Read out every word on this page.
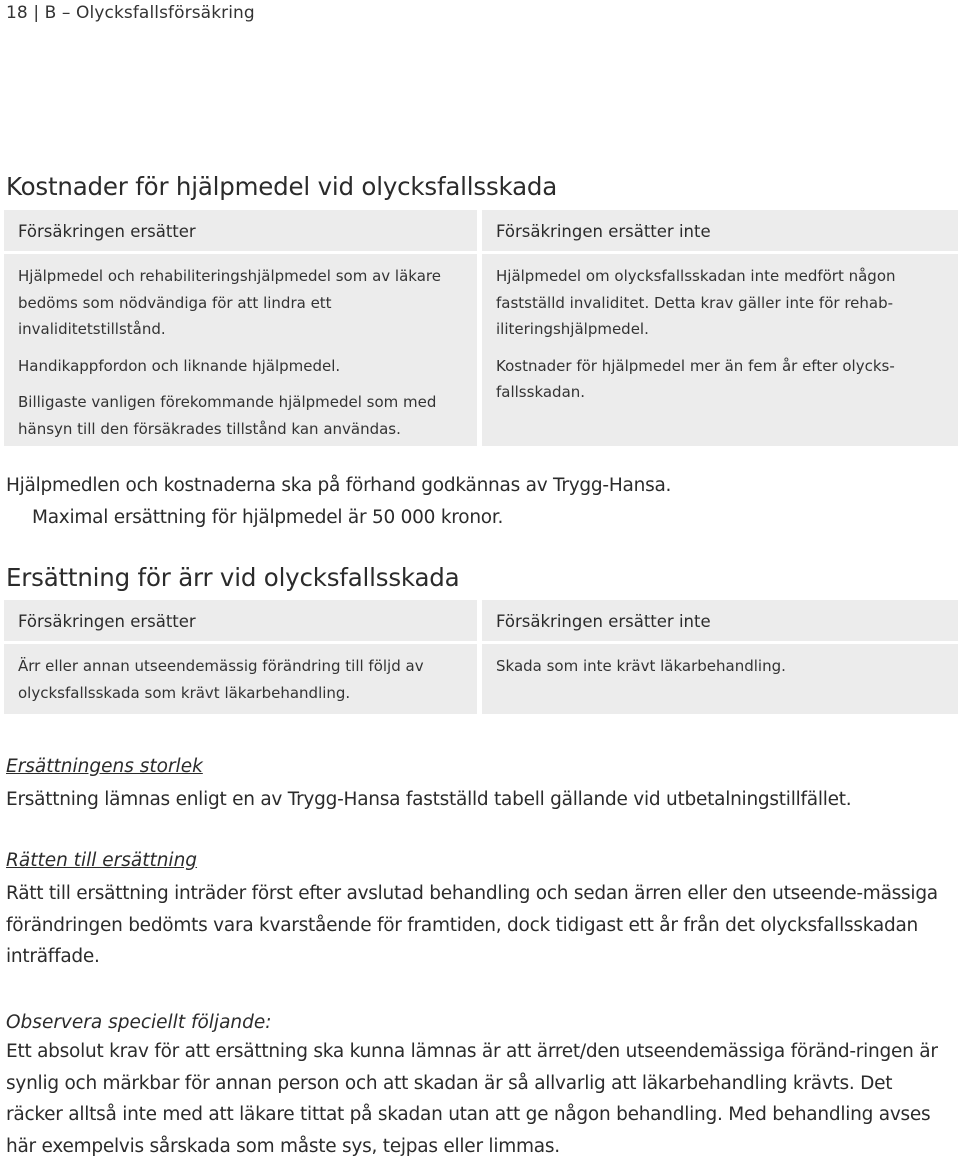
18 | B – Olycksfallsförsäkring
Kostnader för hjälpmedel vid olycksfallsskada
Försäkringen ersätter

Hjälpmedel och rehabiliteringshjälpmedel som av läkare bedöms som nödvändiga för att lindra ett invaliditetstillstånd.

Handikappfordon och liknande hjälpmedel.

Billigaste vanligen förekommande hjälpmedel som med hänsyn till den försäkrades tillstånd kan användas.

Försäkringen ersätter inte

Hjälpmedel om olycksfallsskadan inte medfört någon fastställd invaliditet. Detta krav gäller inte för rehab-iliteringshjälpmedel.

Kostnader för hjälpmedel mer än fem år efter olycks-fallsskadan.

Hjälpmedlen och kostnaderna ska på förhand godkännas av Trygg-Hansa.
Maximal ersättning för hjälpmedel är 50 000 kronor.
Ersättning för ärr vid olycksfallsskada
Försäkringen ersätter

Ärr eller annan utseendemässig förändring till följd av olycksfallsskada som krävt läkarbehandling.

Försäkringen ersätter inte

Skada som inte krävt läkarbehandling.

Ersättningens storlek
Ersättning lämnas enligt en av Trygg-Hansa fastställd tabell gällande vid utbetalningstillfället.
Rätten till ersättning
Rätt till ersättning inträder först efter avslutad behandling och sedan ärren eller den utseende-mässiga förändringen bedömts vara kvarstående för framtiden, dock tidigast ett år från det olycksfallsskadan inträffade.
Observera speciellt följande:
Ett absolut krav för att ersättning ska kunna lämnas är att ärret/den utseendemässiga föränd-ringen är synlig och märkbar för annan person och att skadan är så allvarlig att läkarbehandling krävts. Det räcker alltså inte med att läkare tittat på skadan utan att ge någon behandling. Med behandling avses här exempelvis sårskada som måste sys, tejpas eller limmas.
